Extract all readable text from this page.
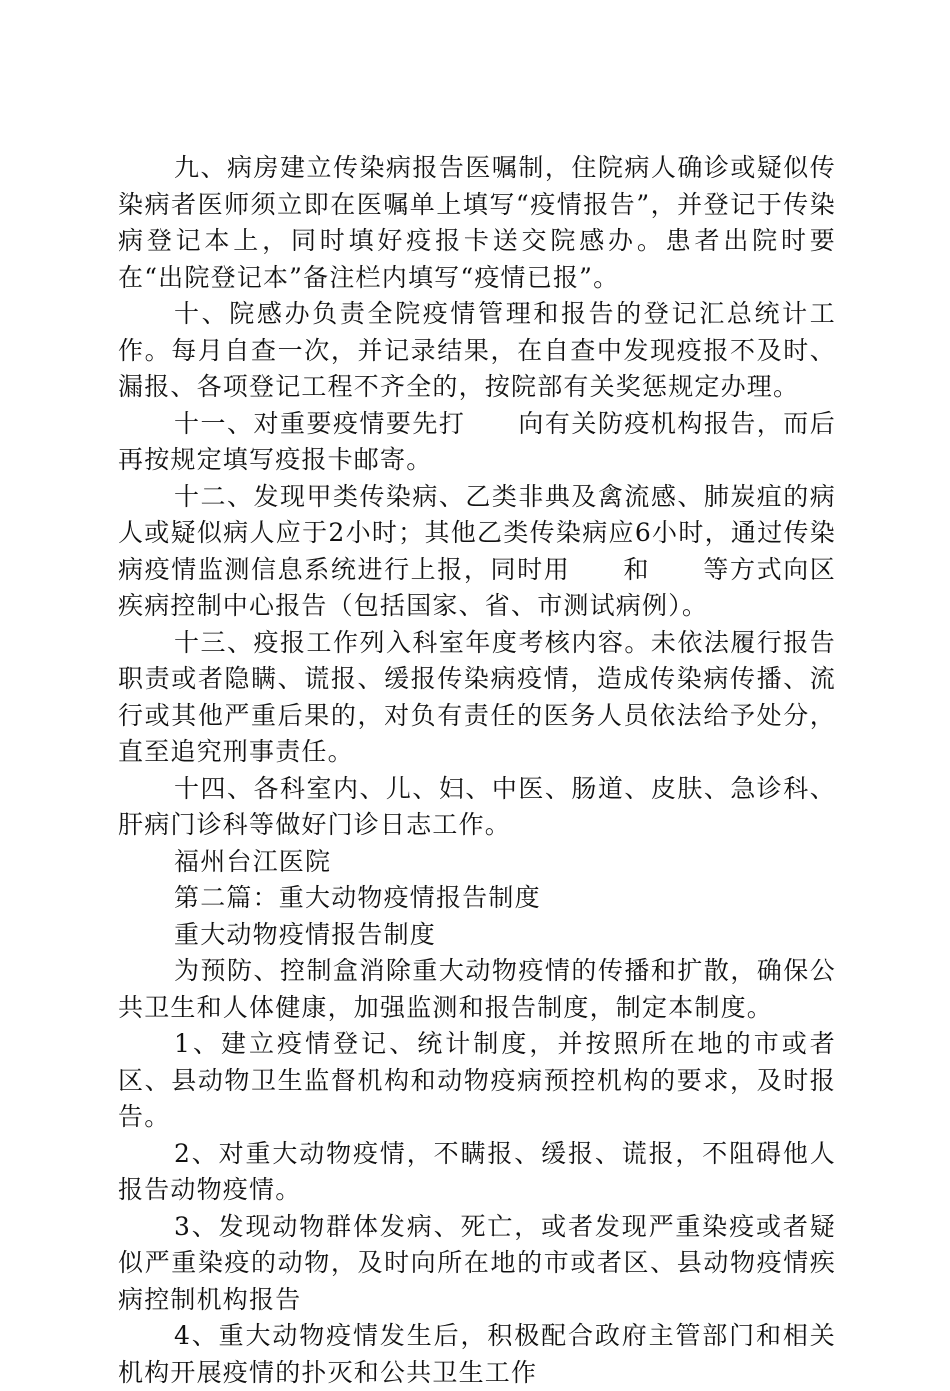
九、病房建立传染病报告医嘱制，住院病人确诊或疑似传染病者医师须立即在医嘱单上填写“疫情报告”，并登记于传染病登记本上，同时填好疫报卡送交院感办。患者出院时要在“出院登记本”备注栏内填写“疫情已报”。

十、院感办负责全院疫情管理和报告的登记汇总统计工作。每月自查一次，并记录结果，在自查中发现疫报不及时、漏报、各项登记工程不齐全的，按院部有关奖惩规定办理。

十一、对重要疫情要先打　　向有关防疫机构报告，而后再按规定填写疫报卡邮寄。

十二、发现甲类传染病、乙类非典及禽流感、肺炭疽的病人或疑似病人应于2小时；其他乙类传染病应6小时，通过传染病疫情监测信息系统进行上报，同时用　　和　　等方式向区疾病控制中心报告（包括国家、省、市测试病例）。

十三、疫报工作列入科室年度考核内容。未依法履行报告职责或者隐瞒、谎报、缓报传染病疫情，造成传染病传播、流行或其他严重后果的，对负有责任的医务人员依法给予处分，直至追究刑事责任。

十四、各科室内、儿、妇、中医、肠道、皮肤、急诊科、肝病门诊科等做好门诊日志工作。

福州台江医院

第二篇：重大动物疫情报告制度

重大动物疫情报告制度

为预防、控制盒消除重大动物疫情的传播和扩散，确保公共卫生和人体健康，加强监测和报告制度，制定本制度。

1、建立疫情登记、统计制度，并按照所在地的市或者区、县动物卫生监督机构和动物疫病预控机构的要求，及时报告。

2、对重大动物疫情，不瞒报、缓报、谎报，不阻碍他人报告动物疫情。

3、发现动物群体发病、死亡，或者发现严重染疫或者疑似严重染疫的动物，及时向所在地的市或者区、县动物疫情疾病控制机构报告

4、重大动物疫情发生后，积极配合政府主管部门和相关机构开展疫情的扑灭和公共卫生工作
